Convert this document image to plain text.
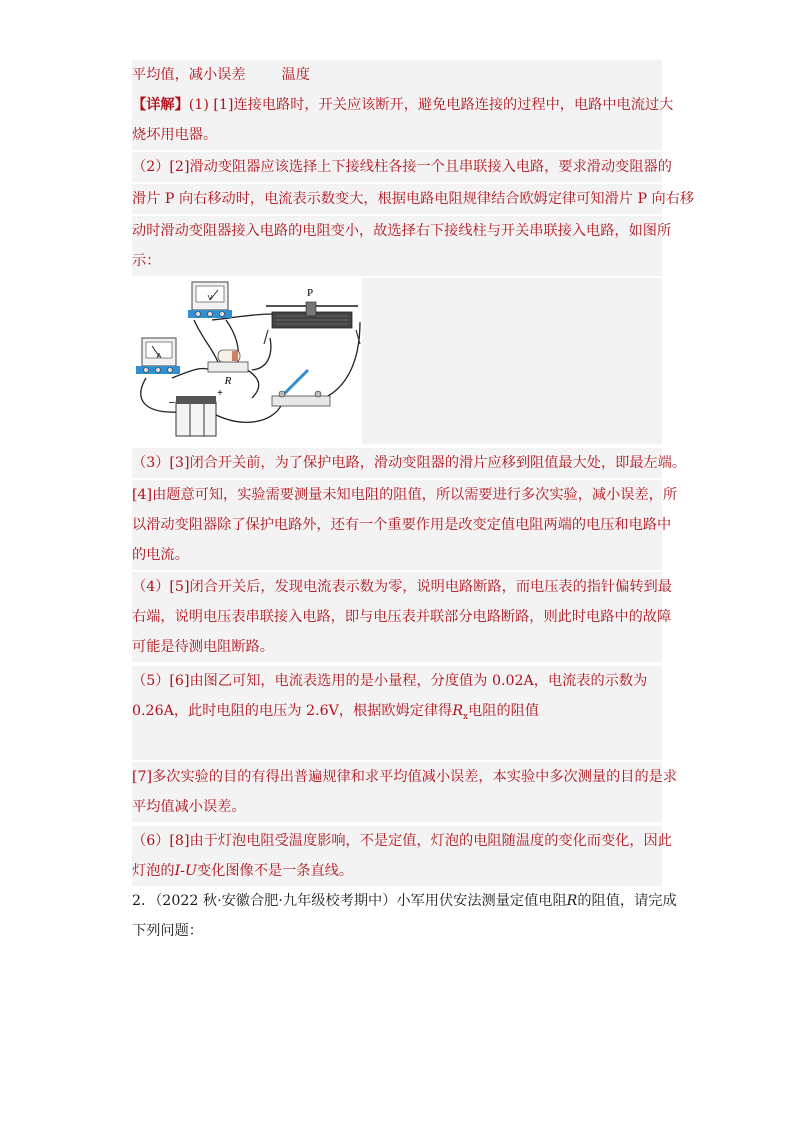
平均值，减小误差	温度
【详解】(1) [1]连接电路时，开关应该断开，避免电路连接的过程中，电路中电流过大
烧坏用电器。
（2）[2]滑动变阻器应该选择上下接线柱各接一个且串联接入电路，要求滑动变阻器的
滑片 P 向右移动时，电流表示数变大，根据电路电阻规律结合欧姆定律可知滑片 P 向右移
动时滑动变阻器接入电路的电阻变小，故选择右下接线柱与开关串联接入电路，如图所
示：
V
A
R
P
−
+
（3）[3]闭合开关前，为了保护电路，滑动变阻器的滑片应移到阻值最大处，即最左端。
[4]由题意可知，实验需要测量未知电阻的阻值，所以需要进行多次实验，减小误差，所
以滑动变阻器除了保护电路外，还有一个重要作用是改变定值电阻两端的电压和电路中
的电流。
（4）[5]闭合开关后，发现电流表示数为零，说明电路断路，而电压表的指针偏转到最
右端，说明电压表串联接入电路，即与电压表并联部分电路断路，则此时电路中的故障
可能是待测电阻断路。
（5）[6]由图乙可知，电流表选用的是小量程，分度值为 0.02A，电流表的示数为
0.26A，此时电阻的电压为 2.6V，根据欧姆定律得$R_x$电阻的阻值
[7]多次实验的目的有得出普遍规律和求平均值减小误差，本实验中多次测量的目的是求
平均值减小误差。
（6）[8]由于灯泡电阻受温度影响，不是定值，灯泡的电阻随温度的变化而变化，因此
灯泡的I-U变化图像不是一条直线。
2．（2022 秋·安徽合肥·九年级校考期中）小军用伏安法测量定值电阻R的阻值，请完成
下列问题：
